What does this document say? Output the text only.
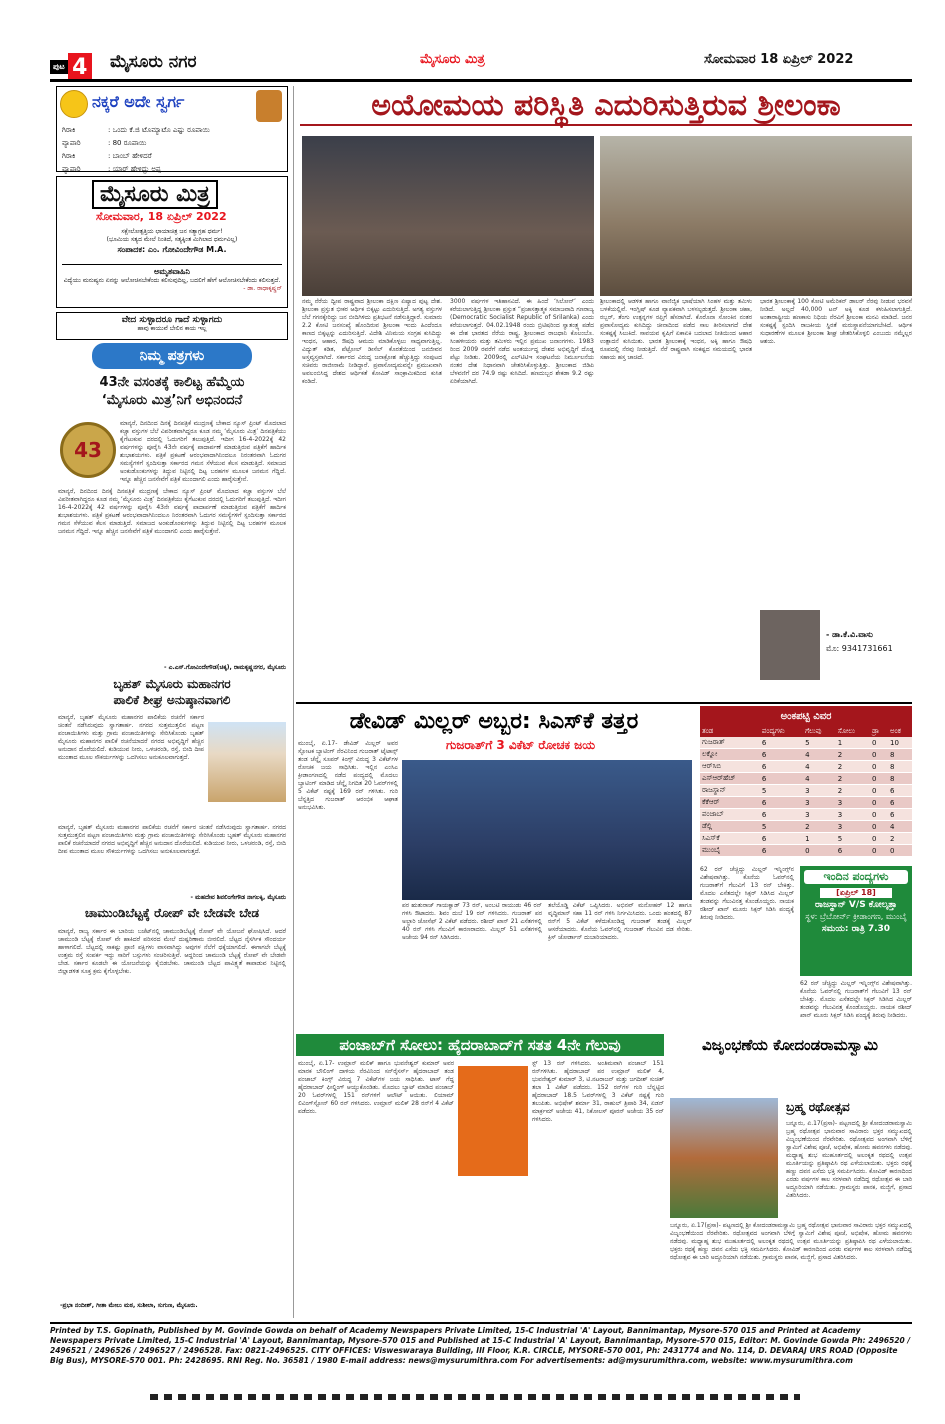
ಪುಟ 4 ಮೈಸೂರು ನಗರ	ಮೈಸೂರು ಮಿತ್ರ	ಸೋಮವಾರ 18 ಏಪ್ರಿಲ್ 2022
ನಕ್ಕರೆ ಅದೇ ಸ್ವರ್ಗ
ಗಿರಾಕಿ	: ಒಂದು ಕೆ.ಜಿ ಟೊಮ್ಯಾಟೊ ಎಷ್ಟು ರೂಪಾಯಿ
ವ್ಯಾಪಾರಿ	: 80 ರೂಪಾಯಿ
ಗಿರಾಕಿ	: ಬಾಂಬ್ ಹೇಳಿದರೆ
ವ್ಯಾಪಾರಿ	: ಯಾರ್ ಹೇಳಿದ್ದು ಅಪ್ಪ
ಮೈಸೂರು ಮಿತ್ರ
ಸೋಮವಾರ, 18 ಏಪ್ರಿಲ್ 2022
ಸಕ್ಷೇಲೋತ್ಪತ್ತಿಯ ಛಾಯಾಚಿತ್ರ ಜನ ಸತ್ಯಾಗ್ರಹ ಧರ್ಮ!
(ಭೂಮಿಯ ಸತ್ಯದ ಮೇಲೆ ನಿಂತಿದೆ, ಸತ್ಯಕ್ಕಿಂತ ಮಿಗಿಲಾದ ಧರ್ಮವಿಲ್ಲ)
ಸಂಪಾದಕ: ಎಂ. ಗೋವಿಂದೇಗೌಡ M.A.
ಅಮೃತವಾಹಿನಿ
ವಿದ್ಯೆಯು ಮನುಷ್ಯನು ಏನನ್ನು ಆಲೋಚಿಸಬೇಕೆಂದು ಕಲಿಸುವುದಿಲ್ಲ, ಬದಲಿಗೆ ಹೇಗೆ ಆಲೋಚಿಸಬೇಕೆಂದು ಕಲಿಸುತ್ತದೆ.
- ಡಾ. ರಾಧಾಕೃಷ್ಣನ್
ವೇದ ಸುಳ್ಳಾದರೂ ಗಾದೆ ಸುಳ್ಳಾಗದು
ಹಾವು ಕಾಯುವೆ ಬೇಲಿನ ಕಾಯ ಇಲ್ಲ
ನಿಮ್ಮ ಪತ್ರಗಳು
43ನೇ ವಸಂತಕ್ಕೆ ಕಾಲಿಟ್ಟ ಹೆಮ್ಮೆಯ
‘ಮೈಸೂರು ಮಿತ್ರ’ನಿಗೆ ಅಭಿನಂದನೆ
43
ಮಾನ್ಯರೆ, ದಿನದಿಂದ ದಿನಕ್ಕೆ ದಿನಪತ್ರಿಕೆ ಮುದ್ರಣಕ್ಕೆ ಬೇಕಾದ ನ್ಯೂಸ್ ಪ್ರಿಂಟ್ ಮೊದಲಾದ ಕಚ್ಚಾ ವಸ್ತುಗಳ ಬೆಲೆ ವಿಪರೀತವಾಗಿದ್ದರೂ ಕೂಡ ನಮ್ಮ ‘ಮೈಸೂರು ಮಿತ್ರ’ ದಿನಪತ್ರಿಕೆಯು ಕೈಗೆಟುಕುವ ದರದಲ್ಲಿ ಓದುಗರಿಗೆ ತಲುಪುತ್ತಿದೆ. ಇದೀಗ 16-4-2022ಕ್ಕೆ 42 ವರ್ಷಗಳನ್ನು ಪೂರೈಸಿ 43ನೇ ವರ್ಷಕ್ಕೆ ಪಾದಾರ್ಪಣೆ ಮಾಡುತ್ತಿರುವ ಪತ್ರಿಕೆಗೆ ಹಾರ್ದಿಕ ಶುಭಾಶಯಗಳು. ಪತ್ರಿಕೆ ಪ್ರಕಟಣೆ ಆರಂಭವಾದಾಗಿನಿಂದಲೂ ನಿರಂತರವಾಗಿ ಓದುಗರ ಸಮಸ್ಯೆಗಳಿಗೆ ಸ್ಪಂದಿಸುತ್ತಾ ಸರ್ಕಾರದ ಗಮನ ಸೆಳೆಯುವ ಕೆಲಸ ಮಾಡುತ್ತಿದೆ. ಸಮಾಜದ ಅಂಕುಡೊಂಕುಗಳನ್ನು ತಿದ್ದುವ ನಿಟ್ಟಿನಲ್ಲಿ ದಿಟ್ಟ ಬರಹಗಳ ಮೂಲಕ ಜನಮನ ಗೆದ್ದಿದೆ. ಇನ್ನೂ ಹೆಚ್ಚಿನ ಜನಸೇವೆಗೆ ಪತ್ರಿಕೆ ಮುಂದಾಗಲಿ ಎಂದು ಹಾರೈಸುತ್ತೇನೆ.
ಮಾನ್ಯರೆ, ದಿನದಿಂದ ದಿನಕ್ಕೆ ದಿನಪತ್ರಿಕೆ ಮುದ್ರಣಕ್ಕೆ ಬೇಕಾದ ನ್ಯೂಸ್ ಪ್ರಿಂಟ್ ಮೊದಲಾದ ಕಚ್ಚಾ ವಸ್ತುಗಳ ಬೆಲೆ ವಿಪರೀತವಾಗಿದ್ದರೂ ಕೂಡ ನಮ್ಮ ‘ಮೈಸೂರು ಮಿತ್ರ’ ದಿನಪತ್ರಿಕೆಯು ಕೈಗೆಟುಕುವ ದರದಲ್ಲಿ ಓದುಗರಿಗೆ ತಲುಪುತ್ತಿದೆ. ಇದೀಗ 16-4-2022ಕ್ಕೆ 42 ವರ್ಷಗಳನ್ನು ಪೂರೈಸಿ 43ನೇ ವರ್ಷಕ್ಕೆ ಪಾದಾರ್ಪಣೆ ಮಾಡುತ್ತಿರುವ ಪತ್ರಿಕೆಗೆ ಹಾರ್ದಿಕ ಶುಭಾಶಯಗಳು. ಪತ್ರಿಕೆ ಪ್ರಕಟಣೆ ಆರಂಭವಾದಾಗಿನಿಂದಲೂ ನಿರಂತರವಾಗಿ ಓದುಗರ ಸಮಸ್ಯೆಗಳಿಗೆ ಸ್ಪಂದಿಸುತ್ತಾ ಸರ್ಕಾರದ ಗಮನ ಸೆಳೆಯುವ ಕೆಲಸ ಮಾಡುತ್ತಿದೆ. ಸಮಾಜದ ಅಂಕುಡೊಂಕುಗಳನ್ನು ತಿದ್ದುವ ನಿಟ್ಟಿನಲ್ಲಿ ದಿಟ್ಟ ಬರಹಗಳ ಮೂಲಕ ಜನಮನ ಗೆದ್ದಿದೆ. ಇನ್ನೂ ಹೆಚ್ಚಿನ ಜನಸೇವೆಗೆ ಪತ್ರಿಕೆ ಮುಂದಾಗಲಿ ಎಂದು ಹಾರೈಸುತ್ತೇನೆ.
- ಎ.ಎಸ್.ಗೋವಿಂದೇಗೌಡ(ಚಿಕ್ಕ), ರಾಮಕೃಷ್ಣನಗರ, ಮೈಸೂರು
ಬೃಹತ್ ಮೈಸೂರು ಮಹಾನಗರ
ಪಾಲಿಕೆ ಶೀಘ್ರ ಅನುಷ್ಠಾನವಾಗಲಿ
ಮಾನ್ಯರೆ, ಬೃಹತ್ ಮೈಸೂರು ಮಹಾನಗರ ಪಾಲಿಕೆಯ ರಚನೆಗೆ ಸರ್ಕಾರ ಚಿಂತನೆ ನಡೆಸಿರುವುದು ಸ್ವಾಗತಾರ್ಹ. ನಗರದ ಸುತ್ತಮುತ್ತಲಿನ ಪಟ್ಟಣ ಪಂಚಾಯಿತಿಗಳು ಮತ್ತು ಗ್ರಾಮ ಪಂಚಾಯಿತಿಗಳನ್ನು ಸೇರಿಸಿಕೊಂಡು ಬೃಹತ್ ಮೈಸೂರು ಮಹಾನಗರ ಪಾಲಿಕೆ ರಚನೆಯಾದರೆ ನಗರದ ಅಭಿವೃದ್ಧಿಗೆ ಹೆಚ್ಚಿನ ಅನುದಾನ ದೊರೆಯಲಿದೆ. ಕುಡಿಯುವ ನೀರು, ಒಳಚರಂಡಿ, ರಸ್ತೆ, ಬೀದಿ ದೀಪ ಮುಂತಾದ ಮೂಲ ಸೌಕರ್ಯಗಳನ್ನು ಒದಗಿಸಲು ಅನುಕೂಲವಾಗುತ್ತದೆ.
ಮಾನ್ಯರೆ, ಬೃಹತ್ ಮೈಸೂರು ಮಹಾನಗರ ಪಾಲಿಕೆಯ ರಚನೆಗೆ ಸರ್ಕಾರ ಚಿಂತನೆ ನಡೆಸಿರುವುದು ಸ್ವಾಗತಾರ್ಹ. ನಗರದ ಸುತ್ತಮುತ್ತಲಿನ ಪಟ್ಟಣ ಪಂಚಾಯಿತಿಗಳು ಮತ್ತು ಗ್ರಾಮ ಪಂಚಾಯಿತಿಗಳನ್ನು ಸೇರಿಸಿಕೊಂಡು ಬೃಹತ್ ಮೈಸೂರು ಮಹಾನಗರ ಪಾಲಿಕೆ ರಚನೆಯಾದರೆ ನಗರದ ಅಭಿವೃದ್ಧಿಗೆ ಹೆಚ್ಚಿನ ಅನುದಾನ ದೊರೆಯಲಿದೆ. ಕುಡಿಯುವ ನೀರು, ಒಳಚರಂಡಿ, ರಸ್ತೆ, ಬೀದಿ ದೀಪ ಮುಂತಾದ ಮೂಲ ಸೌಕರ್ಯಗಳನ್ನು ಒದಗಿಸಲು ಅನುಕೂಲವಾಗುತ್ತದೆ.
- ಮಹದೇವ ಶಿವಲಿಂಗೇಗೌಡ ನಾಗಲಕ್ಕಿ, ಮೈಸೂರು
ಚಾಮುಂಡಿಬೆಟ್ಟಕ್ಕೆ ರೋಪ್ ವೇ ಬೇಡವೇ ಬೇಡ
ಮಾನ್ಯರೆ, ರಾಜ್ಯ ಸರ್ಕಾರ ಈ ಬಾರಿಯ ಬಜೆಟ್‌ನಲ್ಲಿ ಚಾಮುಂಡಿಬೆಟ್ಟಕ್ಕೆ ರೋಪ್ ವೇ ಯೋಜನೆ ಘೋಷಿಸಿದೆ. ಆದರೆ ಚಾಮುಂಡಿ ಬೆಟ್ಟಕ್ಕೆ ರೋಪ್ ವೇ ಹಾಕಿದರೆ ಪರಿಸರದ ಮೇಲೆ ದುಷ್ಪರಿಣಾಮ ಬೀರಲಿದೆ. ಬೆಟ್ಟದ ನೈಸರ್ಗಿಕ ಸೌಂದರ್ಯ ಹಾಳಾಗಲಿದೆ. ಬೆಟ್ಟದಲ್ಲಿ ಸಾಕಷ್ಟು ಪ್ರಾಣಿ ಪಕ್ಷಿಗಳು ವಾಸವಾಗಿದ್ದು ಅವುಗಳ ನೆಲೆಗೆ ಧಕ್ಕೆಯಾಗಲಿದೆ. ಈಗಾಗಲೇ ಬೆಟ್ಟಕ್ಕೆ ಉತ್ತಮ ರಸ್ತೆ ಸಂಪರ್ಕ ಇದ್ದು ಸಾರಿಗೆ ಬಸ್ಸುಗಳು ಸಂಚರಿಸುತ್ತಿವೆ. ಆದ್ದರಿಂದ ಚಾಮುಂಡಿ ಬೆಟ್ಟಕ್ಕೆ ರೋಪ್ ವೇ ಬೇಡವೇ ಬೇಡ. ಸರ್ಕಾರ ಕೂಡಲೇ ಈ ಯೋಜನೆಯನ್ನು ಕೈಬಿಡಬೇಕು. ಚಾಮುಂಡಿ ಬೆಟ್ಟದ ಪಾವಿತ್ರ್ಯತೆ ಕಾಪಾಡುವ ನಿಟ್ಟಿನಲ್ಲಿ ಜಿಲ್ಲಾಡಳಿತ ಸೂಕ್ತ ಕ್ರಮ ಕೈಗೊಳ್ಳಬೇಕು.
-ಪ್ರಭಾ ನಂದೀಶ್, ಗೀತಾ ಮೇಲು ಮಠ, ಸುಶೀಲಾ, ಸುಗುಣ, ಮೈಸೂರು.
ಅಯೋಮಯ ಪರಿಸ್ಥಿತಿ ಎದುರಿಸುತ್ತಿರುವ ಶ್ರೀಲಂಕಾ
ನಮ್ಮ ನೆರೆಯ ದ್ವೀಪ ರಾಷ್ಟ್ರವಾದ ಶ್ರೀಲಂಕಾ ದಕ್ಷಿಣ ಏಷ್ಯಾದ ಪುಟ್ಟ ದೇಶ. ಶ್ರೀಲಂಕಾ ಪ್ರಸ್ತುತ ಭೀಕರ ಆರ್ಥಿಕ ಬಿಕ್ಕಟ್ಟು ಎದುರಿಸುತ್ತಿದೆ. ಅಗತ್ಯ ವಸ್ತುಗಳ ಬೆಲೆ ಗಗನಕ್ಕೇರಿದ್ದು ಜನ ಬೀದಿಗಿಳಿದು ಪ್ರತಿಭಟನೆ ನಡೆಸುತ್ತಿದ್ದಾರೆ. ಸುಮಾರು 2.2 ಕೋಟಿ ಜನಸಂಖ್ಯೆ ಹೊಂದಿರುವ ಶ್ರೀಲಂಕಾ ಇಂದು ಹಿಂದೆಂದೂ ಕಾಣದ ಬಿಕ್ಕಟ್ಟನ್ನು ಎದುರಿಸುತ್ತಿದೆ. ವಿದೇಶಿ ವಿನಿಮಯ ಸಂಗ್ರಹ ಕುಸಿದಿದ್ದು ಇಂಧನ, ಆಹಾರ, ಔಷಧಿ ಆಮದು ಮಾಡಿಕೊಳ್ಳಲು ಸಾಧ್ಯವಾಗುತ್ತಿಲ್ಲ. ವಿದ್ಯುತ್ ಕಡಿತ, ಪೆಟ್ರೋಲ್ ಡೀಸೆಲ್ ಕೊರತೆಯಿಂದ ಜನಜೀವನ ಅಸ್ತವ್ಯಸ್ತವಾಗಿದೆ. ಸರ್ಕಾರದ ವಿರುದ್ಧ ಜನಾಕ್ರೋಶ ಹೆಚ್ಚುತ್ತಿದ್ದು ಸಂಪುಟದ ಸಚಿವರು ರಾಜೀನಾಮೆ ನೀಡಿದ್ದಾರೆ. ಪ್ರವಾಸೋದ್ಯಮವನ್ನೇ ಪ್ರಮುಖವಾಗಿ ಅವಲಂಬಿಸಿದ್ದ ದೇಶದ ಆರ್ಥಿಕತೆ ಕೋವಿಡ್ ಸಾಂಕ್ರಾಮಿಕದಿಂದ ಕುಸಿತ ಕಂಡಿದೆ.
3000 ವರ್ಷಗಳ ಇತಿಹಾಸವಿದೆ. ಈ ಹಿಂದೆ ‘ಸಿಲೋನ್’ ಎಂದು ಕರೆಯಲಾಗುತ್ತಿದ್ದ ಶ್ರೀಲಂಕಾ ಪ್ರಸ್ತುತ “ಪ್ರಜಾಸತ್ತಾತ್ಮಕ ಸಮಾಜವಾದಿ ಗಣರಾಜ್ಯ (Democratic Socialist Republic of Srilanka) ಎಂದು ಕರೆಯಲಾಗುತ್ತದೆ. 04.02.1948 ರಂದು ಬ್ರಿಟಿಷರಿಂದ ಸ್ವಾತಂತ್ರ್ಯ ಪಡೆದ ಈ ದೇಶ ಭಾರತದ ನೆರೆಯ ರಾಷ್ಟ್ರ. ಶ್ರೀಲಂಕಾದ ರಾಜಧಾನಿ ಕೊಲಂಬೊ. ಸಿಂಹಳೀಯರು ಮತ್ತು ತಮಿಳರು ಇಲ್ಲಿನ ಪ್ರಮುಖ ಜನಾಂಗಗಳು. 1983 ರಿಂದ 2009 ರವರೆಗೆ ನಡೆದ ಅಂತರ್ಯುದ್ಧ ದೇಶದ ಅಭಿವೃದ್ಧಿಗೆ ದೊಡ್ಡ ಪೆಟ್ಟು ನೀಡಿತು. 2009ರಲ್ಲಿ ಎಲ್‌ಟಿಟಿಇ ಸಂಘಟನೆಯ ನಿರ್ಮೂಲನೆಯ ನಂತರ ದೇಶ ನಿಧಾನವಾಗಿ ಚೇತರಿಸಿಕೊಳ್ಳುತ್ತಿತ್ತು. ಶ್ರೀಲಂಕಾದ ಜಿಡಿಪಿ ಬೆಳವಣಿಗೆ ದರ 74.9 ರಷ್ಟು ಕುಸಿದಿದೆ. ಹಣದುಬ್ಬರ ಶೇಕಡಾ 9.2 ರಷ್ಟು ಏರಿಕೆಯಾಗಿದೆ.
ಶ್ರೀಲಂಕಾದಲ್ಲಿ ಆಡಳಿತ ಹಾಗೂ ವಾಣಿಜ್ಯಿಕ ಭಾಷೆಯಾಗಿ ಸಿಂಹಳ ಮತ್ತು ತಮಿಳು ಬಳಕೆಯಲ್ಲಿವೆ. ಇಂಗ್ಲಿಷ್ ಕೂಡ ವ್ಯಾಪಕವಾಗಿ ಬಳಸಲ್ಪಡುತ್ತದೆ. ಶ್ರೀಲಂಕಾ ಚಹಾ, ರಬ್ಬರ್, ತೆಂಗು ಉತ್ಪನ್ನಗಳ ರಫ್ತಿಗೆ ಹೆಸರಾಗಿದೆ. ಕೊರೊನಾ ಸೋಂಕಿನ ನಂತರ ಪ್ರವಾಸೋದ್ಯಮ ಕುಸಿದಿದ್ದು ಚೀನಾದಿಂದ ಪಡೆದ ಸಾಲ ತೀರಿಸಲಾಗದೆ ದೇಶ ಸಂಕಷ್ಟಕ್ಕೆ ಸಿಲುಕಿದೆ. ಸಾವಯವ ಕೃಷಿಗೆ ಏಕಾಏಕಿ ಬದಲಾದ ನೀತಿಯಿಂದ ಆಹಾರ ಉತ್ಪಾದನೆ ಕುಸಿಯಿತು. ಭಾರತ ಶ್ರೀಲಂಕಾಕ್ಕೆ ಇಂಧನ, ಅಕ್ಕಿ ಹಾಗೂ ಔಷಧಿ ರೂಪದಲ್ಲಿ ನೆರವು ನೀಡುತ್ತಿದೆ. ನೆರೆ ರಾಷ್ಟ್ರವಾಗಿ ಸಂಕಷ್ಟದ ಸಮಯದಲ್ಲಿ ಭಾರತ ಸಹಾಯ ಹಸ್ತ ಚಾಚಿದೆ.
ಭಾರತ ಶ್ರೀಲಂಕಾಕ್ಕೆ 100 ಕೋಟಿ ಅಮೆರಿಕನ್ ಡಾಲರ್ ನೆರವು ನೀಡುವ ಭರವಸೆ ನೀಡಿದೆ. ಅಲ್ಲದೆ 40,000 ಟನ್ ಅಕ್ಕಿ ಕೂಡ ಕಳುಹಿಸಲಾಗುತ್ತಿದೆ. ಅಂತಾರಾಷ್ಟ್ರೀಯ ಹಣಕಾಸು ನಿಧಿಯ ನೆರವಿಗೆ ಶ್ರೀಲಂಕಾ ಮನವಿ ಮಾಡಿದೆ. ಜನರ ಸಂಕಷ್ಟಕ್ಕೆ ಸ್ಪಂದಿಸಿ ರಾಜಕೀಯ ಸ್ಥಿರತೆ ಮರುಸ್ಥಾಪನೆಯಾಗಬೇಕಿದೆ. ಆರ್ಥಿಕ ಸುಧಾರಣೆಗಳ ಮೂಲಕ ಶ್ರೀಲಂಕಾ ಶೀಘ್ರ ಚೇತರಿಸಿಕೊಳ್ಳಲಿ ಎಂಬುದು ನಮ್ಮೆಲ್ಲರ ಆಶಯ.
- ಡಾ.ಕೆ.ವಿ.ವಾಸು
ಮೊ: 9341731661
ಡೇವಿಡ್ ಮಿಲ್ಲರ್ ಅಬ್ಬರ: ಸಿಎಸ್‌ಕೆ ತತ್ತರ
ಗುಜರಾತ್‌ಗೆ 3 ವಿಕೆಟ್ ರೋಚಕ ಜಯ
ಮುಂಬೈ, ಏ.17- ಡೇವಿಡ್ ಮಿಲ್ಲರ್ ಅವರ ಸ್ಫೋಟಕ ಬ್ಯಾಟಿಂಗ್ ನೆರವಿನಿಂದ ಗುಜರಾತ್ ಟೈಟಾನ್ಸ್ ತಂಡ ಚೆನ್ನೈ ಸೂಪರ್ ಕಿಂಗ್ಸ್ ವಿರುದ್ಧ 3 ವಿಕೆಟ್‌ಗಳ ರೋಚಕ ಜಯ ಸಾಧಿಸಿತು. ಇಲ್ಲಿನ ಎಂಸಿಎ ಕ್ರೀಡಾಂಗಣದಲ್ಲಿ ನಡೆದ ಪಂದ್ಯದಲ್ಲಿ ಮೊದಲು ಬ್ಯಾಟಿಂಗ್ ಮಾಡಿದ ಚೆನ್ನೈ ನಿಗದಿತ 20 ಓವರ್‌ಗಳಲ್ಲಿ 5 ವಿಕೆಟ್ ನಷ್ಟಕ್ಕೆ 169 ರನ್ ಗಳಿಸಿತು. ಗುರಿ ಬೆನ್ನತ್ತಿದ ಗುಜರಾತ್ ಆರಂಭಿಕ ಆಘಾತ ಅನುಭವಿಸಿತು.
ಪರ ಋತುರಾಜ್ ಗಾಯಕ್ವಾಡ್ 73 ರನ್, ಅಂಬಟಿ ರಾಯುಡು 46 ರನ್ ಗಳಿಸಿ ಔಟಾದರು. ಶಿವಂ ದುಬೆ 19 ರನ್ ಗಳಿಸಿದರು. ಗುಜರಾತ್ ಪರ ಅಲ್ಜಾರಿ ಜೋಸೆಫ್ 2 ವಿಕೆಟ್ ಪಡೆದರು. ರಶೀದ್ ಖಾನ್ 21 ಎಸೆತಗಳಲ್ಲಿ 40 ರನ್ ಗಳಿಸಿ ಗೆಲುವಿಗೆ ಕಾರಣರಾದರು. ಮಿಲ್ಲರ್ 51 ಎಸೆತಗಳಲ್ಲಿ ಅಜೇಯ 94 ರನ್ ಸಿಡಿಸಿದರು.
ತಲೆಯೊಡ್ಡಿ ವಿಕೆಟ್ ಒಪ್ಪಿಸಿದರು. ಅಭಿನವ್ ಮನೋಹರ್ 12 ಹಾಗೂ ವೃದ್ಧಿಮಾನ್ ಸಹಾ 11 ರನ್ ಗಳಿಸಿ ನಿರ್ಗಮಿಸಿದರು. ಒಂದು ಹಂತದಲ್ಲಿ 87 ರನ್‌ಗೆ 5 ವಿಕೆಟ್ ಕಳೆದುಕೊಂಡಿದ್ದ ಗುಜರಾತ್ ತಂಡಕ್ಕೆ ಮಿಲ್ಲರ್ ಆಸರೆಯಾದರು. ಕೊನೆಯ ಓವರ್‌ನಲ್ಲಿ ಗುಜರಾತ್ ಗೆಲುವಿನ ದಡ ಸೇರಿತು. ಕ್ರಿಸ್ ಜೋರ್ಡಾನ್ ದುಬಾರಿಯಾದರು.
ಅಂಕಪಟ್ಟಿ ವಿವರ
ತಂಡ	ಪಂದ್ಯಗಳು	ಗೆಲುವು	ಸೋಲು	ಡ್ರಾ	ಅಂಕ
ಗುಜರಾತ್	6	5	1	0	10
ಲಕ್ನೋ	6	4	2	0	8
ಆರ್‌ಸಿಬಿ	6	4	2	0	8
ಎಸ್‌ಆರ್‌ಹೆಚ್	6	4	2	0	8
ರಾಜಸ್ಥಾನ್	5	3	2	0	6
ಕೆಕೆಆರ್	6	3	3	0	6
ಪಂಜಾಬ್	6	3	3	0	6
ಡೆಲ್ಲಿ	5	2	3	0	4
ಸಿಎಸ್‌ಕೆ	6	1	5	0	2
ಮುಂಬೈ	6	0	6	0	0
62 ರನ್ ಚೆಚ್ಚಿದ್ದು ಮಿಲ್ಲರ್ ಇನ್ನಿಂಗ್ಸ್‌ನ ವಿಶೇಷವಾಗಿತ್ತು. ಕೊನೆಯ ಓವರ್‌ನಲ್ಲಿ ಗುಜರಾತ್‌ಗೆ ಗೆಲುವಿಗೆ 13 ರನ್ ಬೇಕಿತ್ತು. ಮೊದಲ ಎಸೆತದಲ್ಲೇ ಸಿಕ್ಸರ್ ಸಿಡಿಸಿದ ಮಿಲ್ಲರ್ ತಂಡವನ್ನು ಗೆಲುವಿನತ್ತ ಕೊಂಡೊಯ್ದರು. ನಾಯಕ ರಶೀದ್ ಖಾನ್ ಮೂರು ಸಿಕ್ಸರ್ ಸಿಡಿಸಿ ಪಂದ್ಯಕ್ಕೆ ತಿರುವು ನೀಡಿದರು.
ಇಂದಿನ ಪಂದ್ಯಗಳು
[ಏಪ್ರಿಲ್ 18]
ರಾಜಸ್ಥಾನ್ V/S ಕೋಲ್ಕತ್ತಾ
ಸ್ಥಳ: ಬ್ರೆಬೋರ್ನ್ ಕ್ರೀಡಾಂಗಣ, ಮುಂಬೈ
ಸಮಯ: ರಾತ್ರಿ 7.30
62 ರನ್ ಚೆಚ್ಚಿದ್ದು ಮಿಲ್ಲರ್ ಇನ್ನಿಂಗ್ಸ್‌ನ ವಿಶೇಷವಾಗಿತ್ತು. ಕೊನೆಯ ಓವರ್‌ನಲ್ಲಿ ಗುಜರಾತ್‌ಗೆ ಗೆಲುವಿಗೆ 13 ರನ್ ಬೇಕಿತ್ತು. ಮೊದಲ ಎಸೆತದಲ್ಲೇ ಸಿಕ್ಸರ್ ಸಿಡಿಸಿದ ಮಿಲ್ಲರ್ ತಂಡವನ್ನು ಗೆಲುವಿನತ್ತ ಕೊಂಡೊಯ್ದರು. ನಾಯಕ ರಶೀದ್ ಖಾನ್ ಮೂರು ಸಿಕ್ಸರ್ ಸಿಡಿಸಿ ಪಂದ್ಯಕ್ಕೆ ತಿರುವು ನೀಡಿದರು.
ಪಂಜಾಬ್‌ಗೆ ಸೋಲು: ಹೈದರಾಬಾದ್‌ಗೆ ಸತತ 4ನೇ ಗೆಲುವು
ಮುಂಬೈ, ಏ.17- ಉಮ್ರಾನ್ ಮಲಿಕ್ ಹಾಗೂ ಭುವನೇಶ್ವರ್ ಕುಮಾರ್ ಅವರ ಮಾರಕ ಬೌಲಿಂಗ್ ದಾಳಿಯ ನೆರವಿನಿಂದ ಸನ್‌ರೈಸರ್ಸ್ ಹೈದರಾಬಾದ್ ತಂಡ ಪಂಜಾಬ್ ಕಿಂಗ್ಸ್ ವಿರುದ್ಧ 7 ವಿಕೆಟ್‌ಗಳ ಜಯ ಸಾಧಿಸಿತು. ಟಾಸ್ ಗೆದ್ದ ಹೈದರಾಬಾದ್ ಫೀಲ್ಡಿಂಗ್ ಆಯ್ದುಕೊಂಡಿತು. ಮೊದಲು ಬ್ಯಾಟ್ ಮಾಡಿದ ಪಂಜಾಬ್ 20 ಓವರ್‌ಗಳಲ್ಲಿ 151 ರನ್‌ಗಳಿಗೆ ಆಲೌಟ್ ಆಯಿತು. ಲಿಯಾಮ್ ಲಿವಿಂಗ್‌ಸ್ಟೋನ್ 60 ರನ್ ಗಳಿಸಿದರು. ಉಮ್ರಾನ್ ಮಲಿಕ್ 28 ರನ್‌ಗೆ 4 ವಿಕೆಟ್ ಪಡೆದರು.
ಸ್ಟ್ 13 ರನ್ ಗಳಿಸಿದರು. ಅಂತಿಮವಾಗಿ ಪಂಜಾಬ್ 151 ರನ್‌ಗಳಿಸಿತು. ಹೈದರಾಬಾದ್ ಪರ ಉಮ್ರಾನ್ ಮಲಿಕ್ 4, ಭುವನೇಶ್ವರ್ ಕುಮಾರ್ 3, ಟಿ.ನಟರಾಜನ್ ಮತ್ತು ಜಗದೀಶ್ ಸುಚಿತ್ ತಲಾ 1 ವಿಕೆಟ್ ಪಡೆದರು. 152 ರನ್‌ಗಳ ಗುರಿ ಬೆನ್ನಟ್ಟಿದ ಹೈದರಾಬಾದ್ 18.5 ಓವರ್‌ಗಳಲ್ಲಿ 3 ವಿಕೆಟ್ ನಷ್ಟಕ್ಕೆ ಗುರಿ ತಲುಪಿತು. ಅಭಿಷೇಕ್ ಶರ್ಮಾ 31, ರಾಹುಲ್ ತ್ರಿಪಾಠಿ 34, ಏಡನ್ ಮಾರ್ಕ್ರಮ್ ಅಜೇಯ 41, ನಿಕೋಲಸ್ ಪೂರನ್ ಅಜೇಯ 35 ರನ್ ಗಳಿಸಿದರು.
ವಿಜೃಂಭಣೆಯ ಕೋದಂಡರಾಮಸ್ವಾಮಿ
ಬ್ರಹ್ಮ ರಥೋತ್ಸವ
ಬನ್ನೂರು, ಏ.17(ಪ್ರಸಾ)- ಪಟ್ಟಣದಲ್ಲಿ ಶ್ರೀ ಕೋದಂಡರಾಮಸ್ವಾಮಿ ಬ್ರಹ್ಮ ರಥೋತ್ಸವ ಭಾನುವಾರ ಸಾವಿರಾರು ಭಕ್ತರ ಸಮ್ಮುಖದಲ್ಲಿ ವಿಜೃಂಭಣೆಯಿಂದ ನೆರವೇರಿತು. ರಥೋತ್ಸವದ ಅಂಗವಾಗಿ ಬೆಳಿಗ್ಗೆ ಸ್ವಾಮಿಗೆ ವಿಶೇಷ ಪೂಜೆ, ಅಭಿಷೇಕ, ಹೋಮ ಹವನಗಳು ನಡೆದವು. ಮಧ್ಯಾಹ್ನ ಶುಭ ಮುಹೂರ್ತದಲ್ಲಿ ಅಲಂಕೃತ ರಥದಲ್ಲಿ ಉತ್ಸವ ಮೂರ್ತಿಯನ್ನು ಪ್ರತಿಷ್ಠಾಪಿಸಿ ರಥ ಎಳೆಯಲಾಯಿತು. ಭಕ್ತರು ರಥಕ್ಕೆ ಹಣ್ಣು ದವನ ಎಸೆದು ಭಕ್ತಿ ಸಮರ್ಪಿಸಿದರು. ಕೋವಿಡ್ ಕಾರಣದಿಂದ ಎರಡು ವರ್ಷಗಳ ಕಾಲ ಸರಳವಾಗಿ ನಡೆದಿದ್ದ ರಥೋತ್ಸವ ಈ ಬಾರಿ ಅದ್ದೂರಿಯಾಗಿ ನಡೆಯಿತು. ಗ್ರಾಮಸ್ಥರು ಪಾನಕ, ಮಜ್ಜಿಗೆ, ಪ್ರಸಾದ ವಿತರಿಸಿದರು.
ಬನ್ನೂರು, ಏ.17(ಪ್ರಸಾ)- ಪಟ್ಟಣದಲ್ಲಿ ಶ್ರೀ ಕೋದಂಡರಾಮಸ್ವಾಮಿ ಬ್ರಹ್ಮ ರಥೋತ್ಸವ ಭಾನುವಾರ ಸಾವಿರಾರು ಭಕ್ತರ ಸಮ್ಮುಖದಲ್ಲಿ ವಿಜೃಂಭಣೆಯಿಂದ ನೆರವೇರಿತು. ರಥೋತ್ಸವದ ಅಂಗವಾಗಿ ಬೆಳಿಗ್ಗೆ ಸ್ವಾಮಿಗೆ ವಿಶೇಷ ಪೂಜೆ, ಅಭಿಷೇಕ, ಹೋಮ ಹವನಗಳು ನಡೆದವು. ಮಧ್ಯಾಹ್ನ ಶುಭ ಮುಹೂರ್ತದಲ್ಲಿ ಅಲಂಕೃತ ರಥದಲ್ಲಿ ಉತ್ಸವ ಮೂರ್ತಿಯನ್ನು ಪ್ರತಿಷ್ಠಾಪಿಸಿ ರಥ ಎಳೆಯಲಾಯಿತು. ಭಕ್ತರು ರಥಕ್ಕೆ ಹಣ್ಣು ದವನ ಎಸೆದು ಭಕ್ತಿ ಸಮರ್ಪಿಸಿದರು. ಕೋವಿಡ್ ಕಾರಣದಿಂದ ಎರಡು ವರ್ಷಗಳ ಕಾಲ ಸರಳವಾಗಿ ನಡೆದಿದ್ದ ರಥೋತ್ಸವ ಈ ಬಾರಿ ಅದ್ದೂರಿಯಾಗಿ ನಡೆಯಿತು. ಗ್ರಾಮಸ್ಥರು ಪಾನಕ, ಮಜ್ಜಿಗೆ, ಪ್ರಸಾದ ವಿತರಿಸಿದರು.
Printed by T.S. Gopinath, Published by M. Govinde Gowda on behalf of Academy Newspapers Private Limited, 15-C Industrial 'A' Layout, Bannimantap, Mysore-570 015 and Printed at Academy Newspapers Private Limited, 15-C Industrial 'A' Layout, Bannimantap, Mysore-570 015 and Published at 15-C Industrial 'A' Layout, Bannimantap, Mysore-570 015, Editor: M. Govinde Gowda Ph: 2496520 / 2496521 / 2496526 / 2496527 / 2496528. Fax: 0821-2496525. CITY OFFICES: Visweswaraya Building, III Floor, K.R. CIRCLE, MYSORE-570 001, Ph: 2431774 and No. 114, D. DEVARAJ URS ROAD (Opposite Big Bus), MYSORE-570 001. Ph: 2428695. RNI Reg. No. 36581 / 1980 E-mail address: news@mysurumithra.com For advertisements: ad@mysurumithra.com, website: www.mysurumithra.com
